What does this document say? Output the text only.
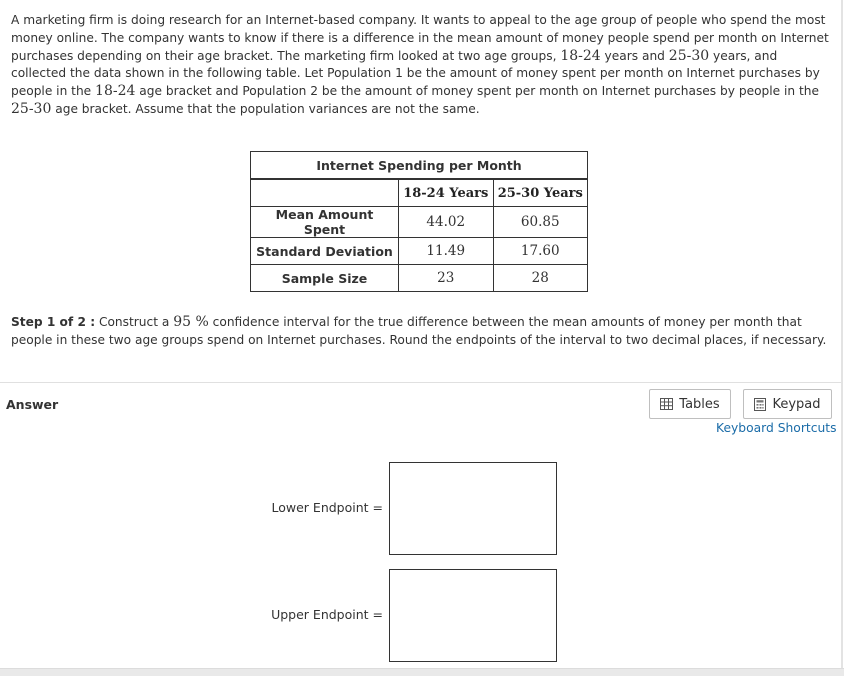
A marketing firm is doing research for an Internet-based company. It wants to appeal to the age group of people who spend the most money online. The company wants to know if there is a difference in the mean amount of money people spend per month on Internet purchases depending on their age bracket. The marketing firm looked at two age groups, 18-24 years and 25-30 years, and collected the data shown in the following table. Let Population 1 be the amount of money spent per month on Internet purchases by people in the 18-24 age bracket and Population 2 be the amount of money spent per month on Internet purchases by people in the 25-30 age bracket. Assume that the population variances are not the same.
Internet Spending per Month		
	18-24 Years	25-30 Years
Mean Amount Spent	44.02	60.85
Standard Deviation	11.49	17.60
Sample Size	23	28
Step 1 of 2 : Construct a 95 % confidence interval for the true difference between the mean amounts of money per month that people in these two age groups spend on Internet purchases. Round the endpoints of the interval to two decimal places, if necessary.
Answer	Tables	Keypad
Keyboard Shortcuts
Lower Endpoint =
Upper Endpoint =
